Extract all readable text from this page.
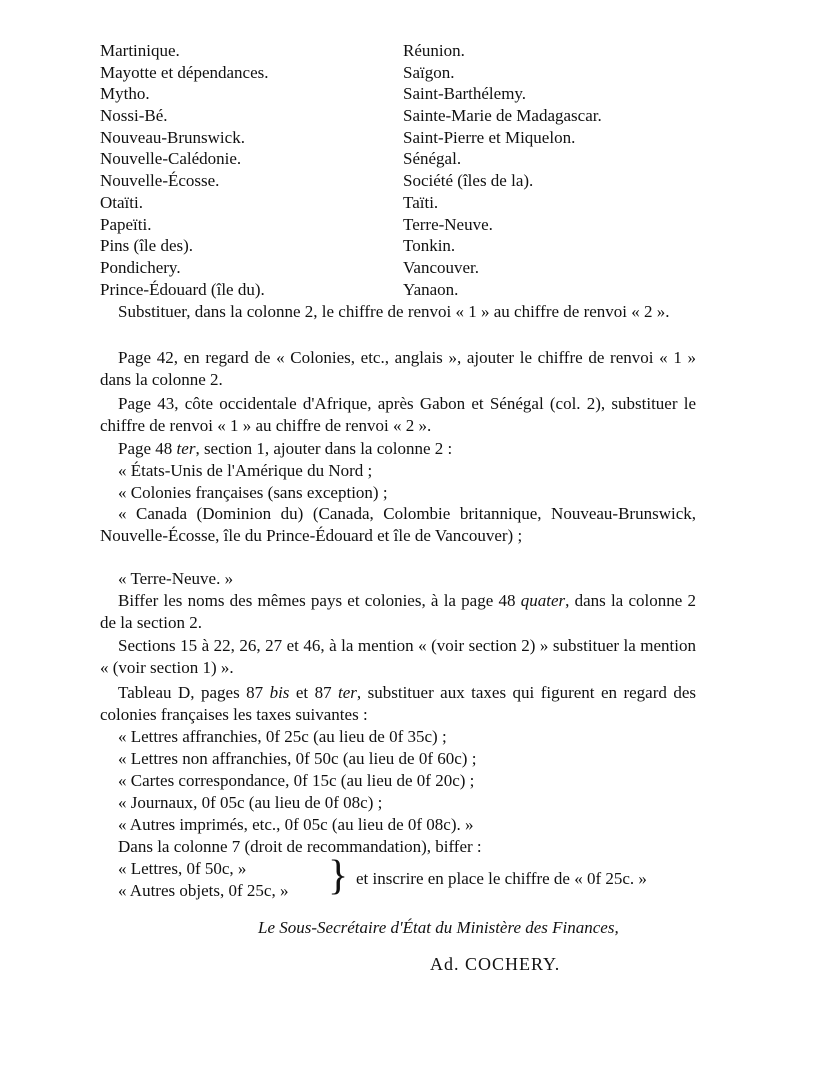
Martinique.	Réunion.
Mayotte et dépendances.	Saïgon.
Mytho.	Saint-Barthélemy.
Nossi-Bé.	Sainte-Marie de Madagascar.
Nouveau-Brunswick.	Saint-Pierre et Miquelon.
Nouvelle-Calédonie.	Sénégal.
Nouvelle-Écosse.	Société (îles de la).
Otaïti.	Taïti.
Papeïti.	Terre-Neuve.
Pins (île des).	Tonkin.
Pondichery.	Vancouver.
Prince-Édouard (île du).	Yanaon.
Substituer, dans la colonne 2, le chiffre de renvoi « 1 » au chiffre de renvoi « 2 ».
Page 42, en regard de « Colonies, etc., anglais », ajouter le chiffre de renvoi « 1 » dans la colonne 2.
Page 43, côte occidentale d'Afrique, après Gabon et Sénégal (col. 2), substituer le chiffre de renvoi « 1 » au chiffre de renvoi « 2 ».
Page 48 ter, section 1, ajouter dans la colonne 2 :
« États-Unis de l'Amérique du Nord ;
« Colonies françaises (sans exception) ;
« Canada (Dominion du) (Canada, Colombie britannique, Nouveau-Brunswick, Nouvelle-Écosse, île du Prince-Édouard et île de Vancouver) ;
« Terre-Neuve. »
Biffer les noms des mêmes pays et colonies, à la page 48 quater, dans la colonne 2 de la section 2.
Sections 15 à 22, 26, 27 et 46, à la mention « (voir section 2) » substituer la mention « (voir section 1) ».
Tableau D, pages 87 bis et 87 ter, substituer aux taxes qui figurent en regard des colonies françaises les taxes suivantes :
« Lettres affranchies, 0f 25c (au lieu de 0f 35c) ;
« Lettres non affranchies, 0f 50c (au lieu de 0f 60c) ;
« Cartes correspondance, 0f 15c (au lieu de 0f 20c) ;
« Journaux, 0f 05c (au lieu de 0f 08c) ;
« Autres imprimés, etc., 0f 05c (au lieu de 0f 08c). »
Dans la colonne 7 (droit de recommandation), biffer :
« Lettres, 0f 50c, »
« Autres objets, 0f 25c, » } et inscrire en place le chiffre de « 0f 25c. »
Le Sous-Secrétaire d'État du Ministère des Finances,
Ad. COCHERY.
